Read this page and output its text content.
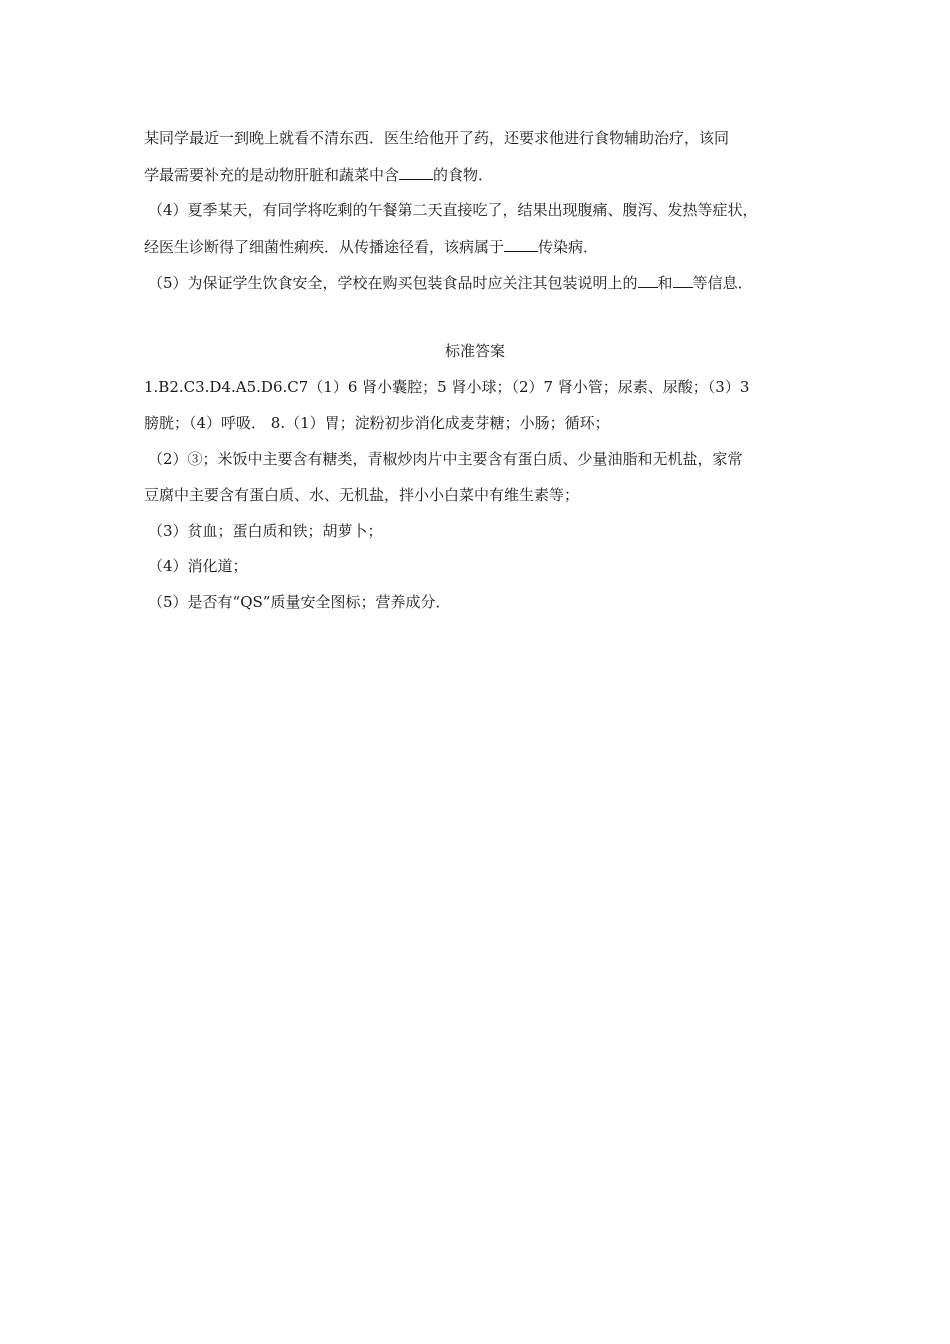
某同学最近一到晚上就看不清东西．医生给他开了药，还要求他进行食物辅助治疗，该同
学最需要补充的是动物肝脏和蔬菜中含 的食物．
（4）夏季某天，有同学将吃剩的午餐第二天直接吃了，结果出现腹痛、腹泻、发热等症状，
经医生诊断得了细菌性痢疾．从传播途径看，该病属于 传染病．
（5）为保证学生饮食安全，学校在购买包装食品时应关注其包装说明上的 和 等信息．
标准答案
1.B2.C3.D4.A5.D6.C7（1）6 肾小囊腔；5 肾小球；（2）7 肾小管；尿素、尿酸；（3）3
膀胱；（4）呼吸． 8.（1）胃；淀粉初步消化成麦芽糖；小肠；循环；
（2）③；米饭中主要含有糖类，青椒炒肉片中主要含有蛋白质、少量油脂和无机盐，家常
豆腐中主要含有蛋白质、水、无机盐，拌小小白菜中有维生素等；
（3）贫血；蛋白质和铁；胡萝卜；
（4）消化道；
（5）是否有“QS”质量安全图标；营养成分．
